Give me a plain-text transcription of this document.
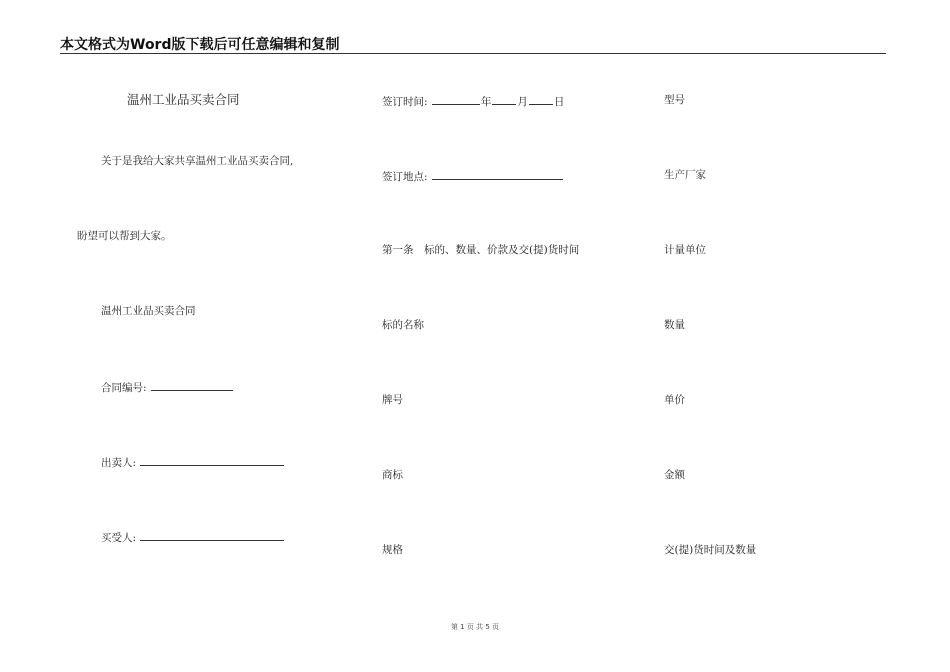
本文格式为Word版下载后可任意编辑和复制
温州工业品买卖合同
关于是我给大家共享温州工业品买卖合同,
盼望可以帮到大家。
温州工业品买卖合同
合同编号:
出卖人:
买受人:
签订时间:	年 月 日
签订地点:
第一条　标的、数量、价款及交(提)货时间
标的名称
牌号
商标
规格
型号
生产厂家
计量单位
数量
单价
金额
交(提)货时间及数量
第 1 页 共 5 页
